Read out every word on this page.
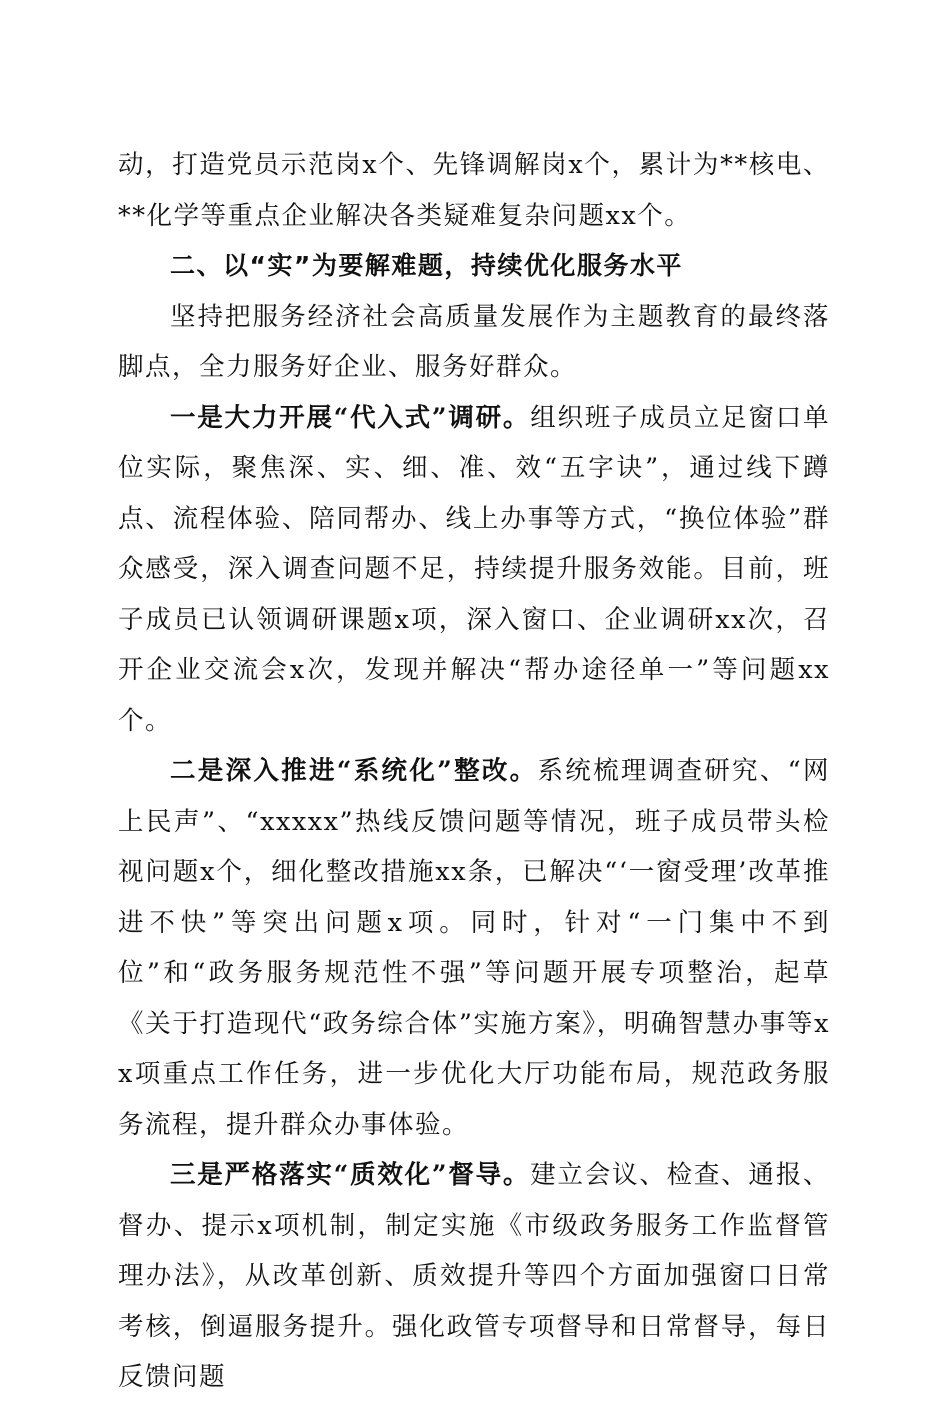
动，打造党员示范岗x个、先锋调解岗x个，累计为**核电、**化学等重点企业解决各类疑难复杂问题xx个。

二、以“实”为要解难题，持续优化服务水平

坚持把服务经济社会高质量发展作为主题教育的最终落脚点，全力服务好企业、服务好群众。

一是大力开展“代入式”调研。组织班子成员立足窗口单位实际，聚焦深、实、细、准、效“五字诀”，通过线下蹲点、流程体验、陪同帮办、线上办事等方式，“换位体验”群众感受，深入调查问题不足，持续提升服务效能。目前，班子成员已认领调研课题x项，深入窗口、企业调研xx次，召开企业交流会x次，发现并解决“帮办途径单一”等问题xx个。

二是深入推进“系统化”整改。系统梳理调查研究、“网上民声”、“xxxxx”热线反馈问题等情况，班子成员带头检视问题x个，细化整改措施xx条，已解决“‘一窗受理’改革推进不快”等突出问题x项。同时，针对“一门集中不到位”和“政务服务规范性不强”等问题开展专项整治，起草《关于打造现代“政务综合体”实施方案》，明确智慧办事等xx项重点工作任务，进一步优化大厅功能布局，规范政务服务流程，提升群众办事体验。

三是严格落实“质效化”督导。建立会议、检查、通报、督办、提示x项机制，制定实施《市级政务服务工作监督管理办法》，从改革创新、质效提升等四个方面加强窗口日常考核，倒逼服务提升。强化政管专项督导和日常督导，每日反馈问题
